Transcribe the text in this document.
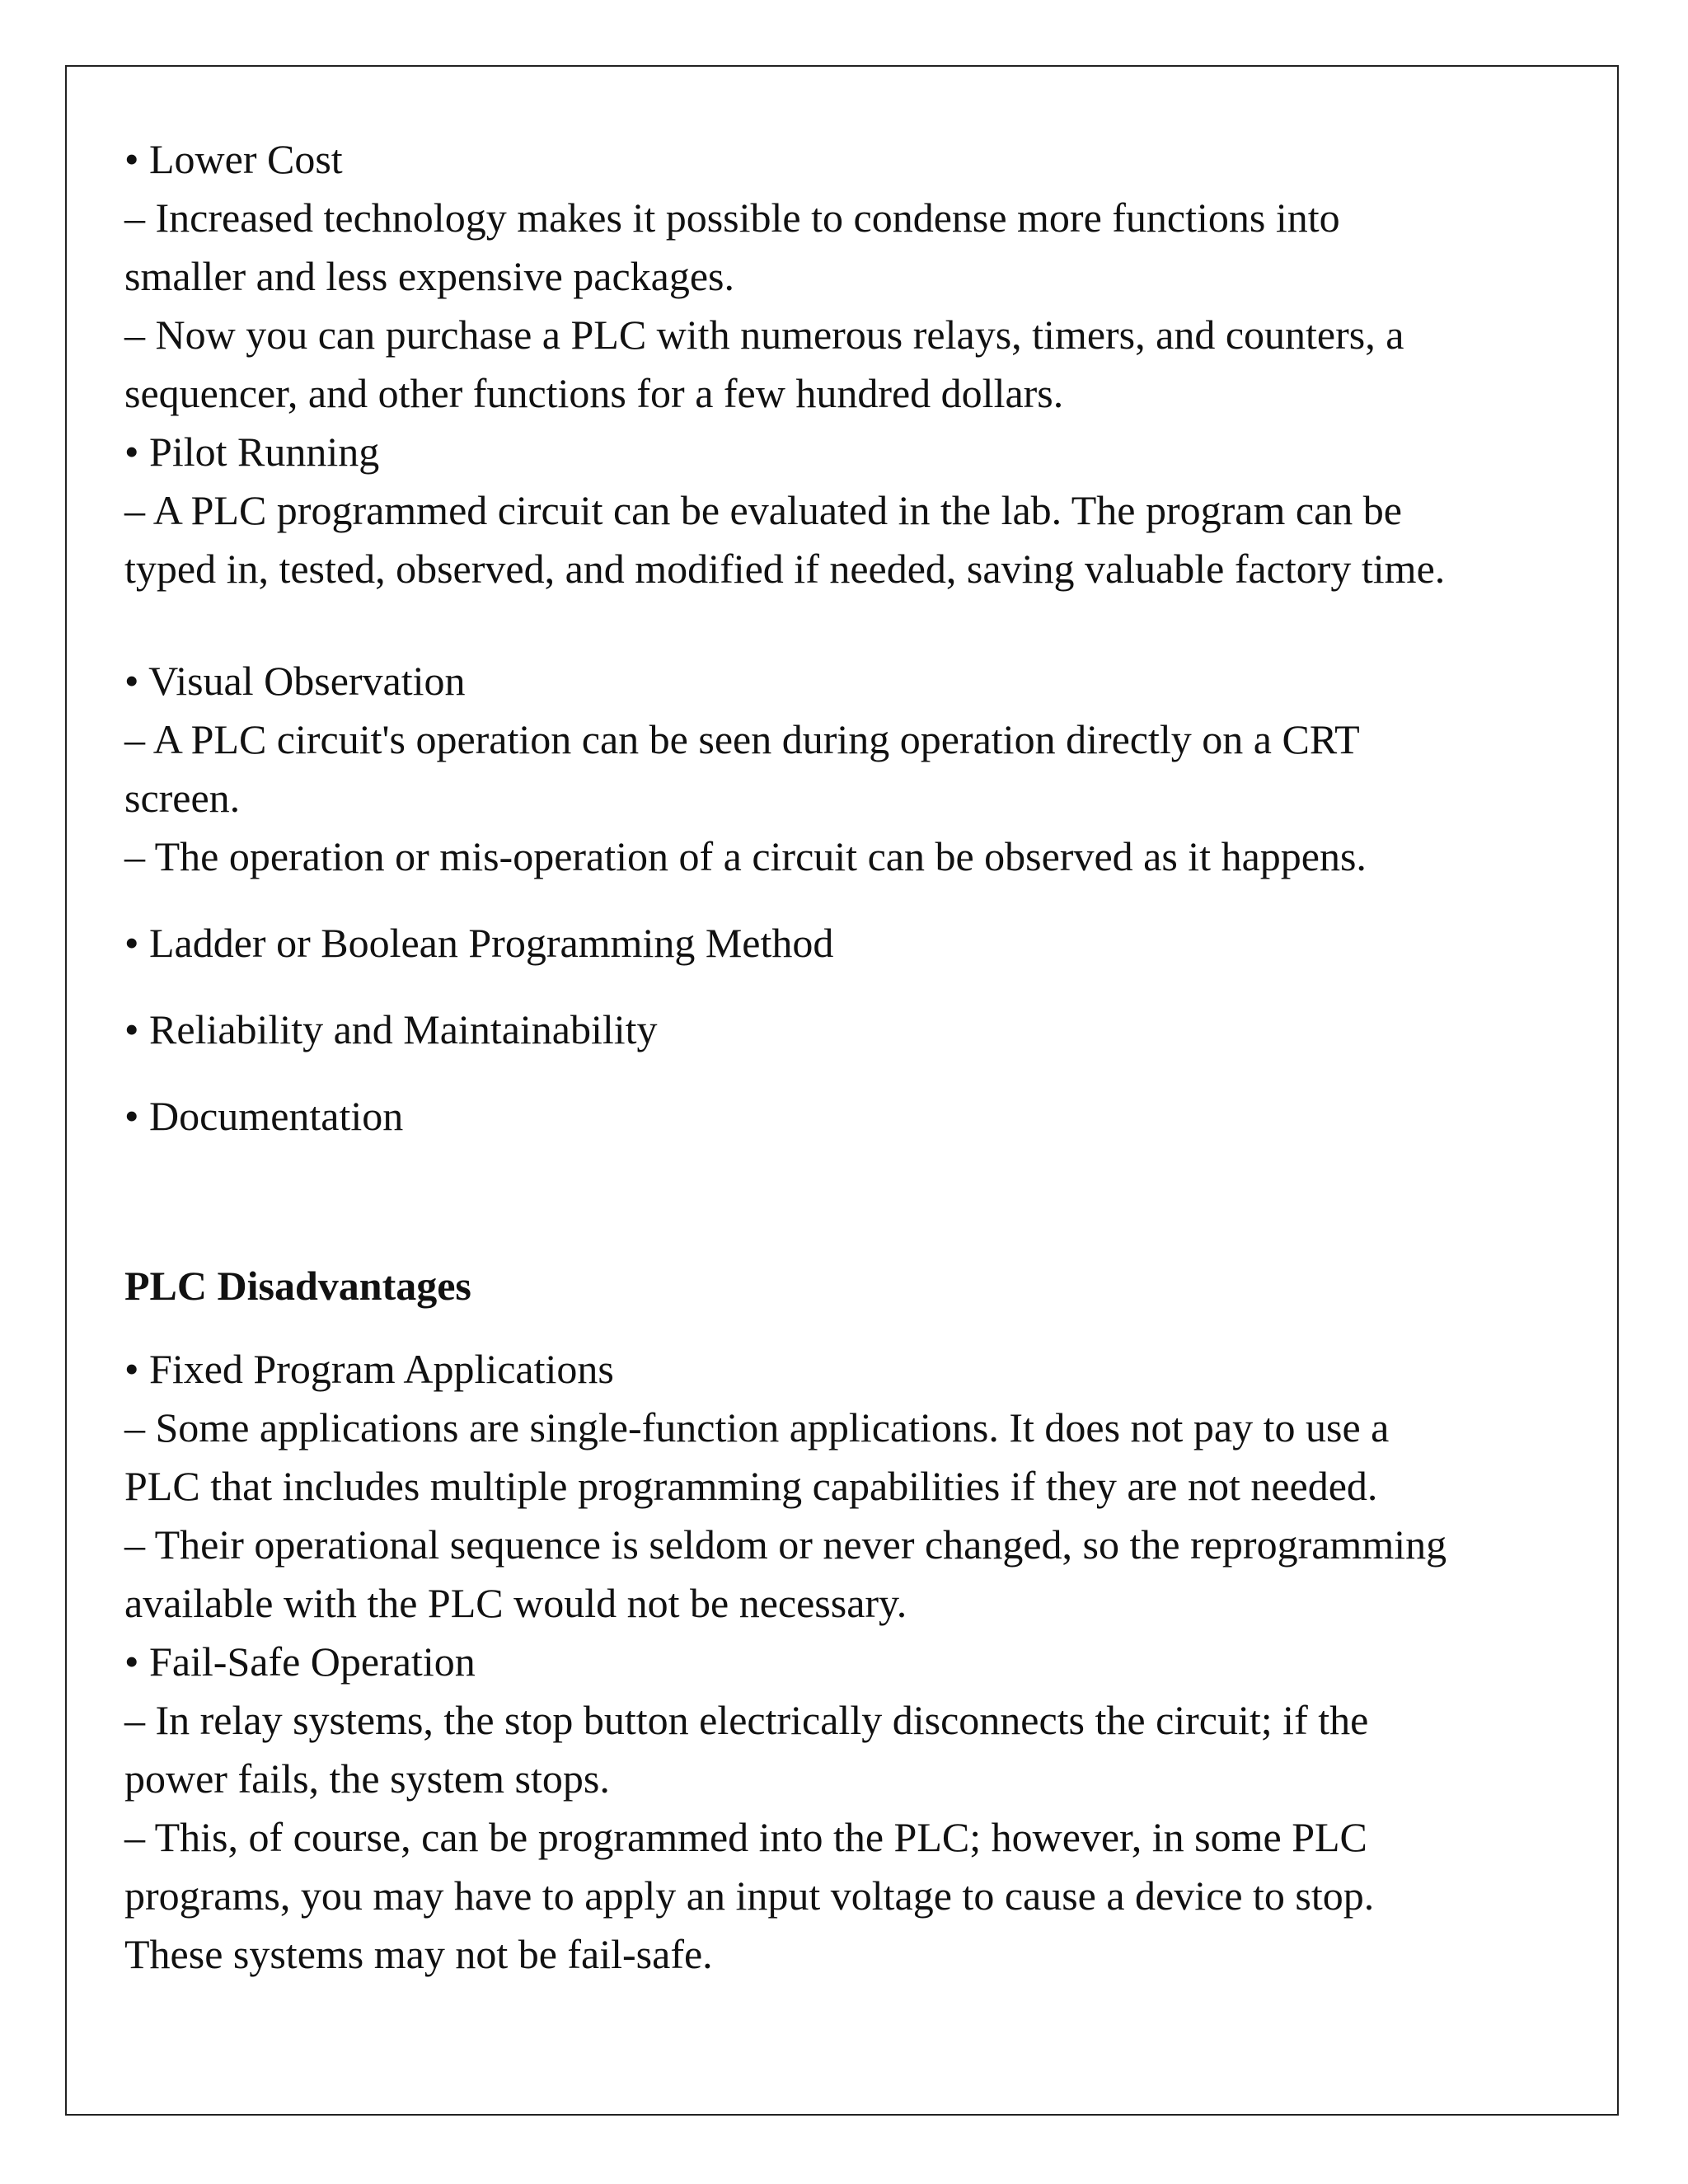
• Lower Cost
– Increased technology makes it possible to condense more functions into
smaller and less expensive packages.
– Now you can purchase a PLC with numerous relays, timers, and counters, a
sequencer, and other functions for a few hundred dollars.
• Pilot Running
– A PLC programmed circuit can be evaluated in the lab. The program can be
typed in, tested, observed, and modified if needed, saving valuable factory time.
• Visual Observation
– A PLC circuit's operation can be seen during operation directly on a CRT
screen.
– The operation or mis-operation of a circuit can be observed as it happens.
• Ladder or Boolean Programming Method
• Reliability and Maintainability
• Documentation
PLC Disadvantages
• Fixed Program Applications
– Some applications are single-function applications. It does not pay to use a
PLC that includes multiple programming capabilities if they are not needed.
– Their operational sequence is seldom or never changed, so the reprogramming
available with the PLC would not be necessary.
• Fail-Safe Operation
– In relay systems, the stop button electrically disconnects the circuit; if the
power fails, the system stops.
– This, of course, can be programmed into the PLC; however, in some PLC
programs, you may have to apply an input voltage to cause a device to stop.
These systems may not be fail-safe.
